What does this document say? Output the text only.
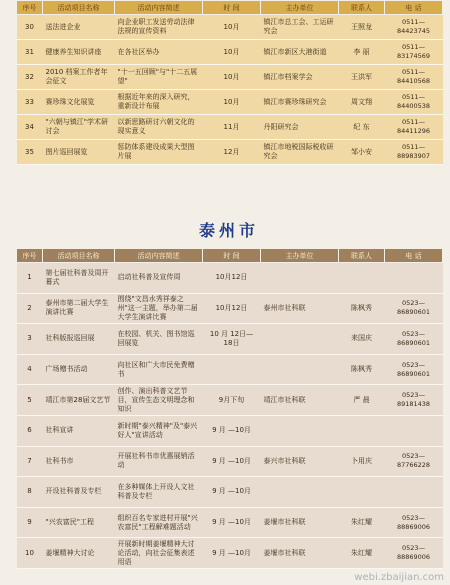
序号	活动项目名称	活动内容简述	时 间	主办单位	联系人	电 话
30	送法进企业	向企业职工发送劳动法律法规的宣传资料	10月	镇江市总工会、工运研究会	王照龙	0511—84423745
31	健康养生知识讲座	在各社区举办	10月	镇江市新区大港街道	李 丽	0511—83174569
32	2010 档案工作者年会征文	"十一五回顾"与"十二五展望"	10月	镇江市档案学会	王洪军	0511—84410568
33	赛珍珠文化展览	根据近年来的深入研究，重新设计布展	10月	镇江市赛珍珠研究会	周文翔	0511—84400538
34	"六朝与镇江"学术研讨会	以新思路研讨六朝文化的现实意义	11月	丹阳研究会	纪 东	0511—84411296
35	图片巡回展览	惩防体系建设成果大型图片展	12月	镇江市地税国际税收研究会	邹小安	0511—88983907
泰州市
序号	活动项目名称	活动内容简述	时 间	主办单位	联系人	电 话
1	第七届社科普及周开幕式	启动社科普及宣传周	10月12日			
2	泰州市第二届大学生演讲比赛	围绕"文昌水秀祥泰之州"这一主题，举办第二届大学生演讲比赛	10月12日	泰州市社科联	陈枫秀	0523—86890601
3	社科版报巡回展	在校园、机关、图书馆巡回展览	10 月 12日—18日		来国庆	0523—86890601
4	广场赠书活动	向社区和广大市民免费赠书			陈枫秀	0523—86890601
5	靖江市第28届文艺节	创作、演出科普文艺节目，宣传生态文明理念和知识	9月下旬	靖江市社科联	严 晨	0523—89181438
6	社科宣讲	新时期"泰兴精神"及"泰兴好人"宣讲活动	9 月 —10月			
7	社科书市	开展社科书市优惠展销活动	9 月 —10月	泰兴市社科联	卜用庆	0523—87766228
8	开设社科普及专栏	在多种媒体上开设人文社科普及专栏	9 月 —10月			
9	"兴农富民"工程	组织百名专家进村开展"兴农富民"工程解难题活动	9 月 —10月	姜堰市社科联	朱红耀	0523—88869006
10	姜堰精神大讨论	开展新时期姜堰精神大讨论活动，向社会征集表述用语	9 月 —10月	姜堰市社科联	朱红耀	0523—88869006
webi.zbaijian.com
